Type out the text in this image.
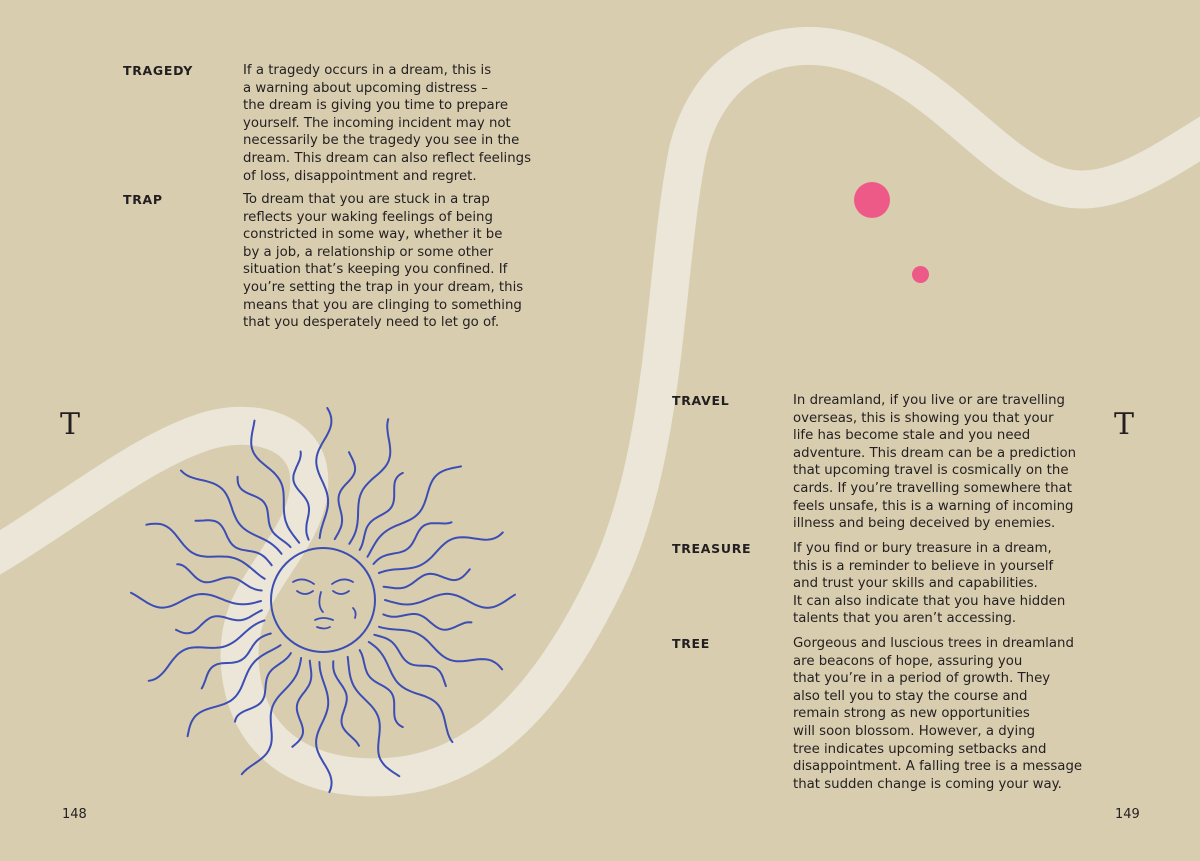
T	T
TRAGEDY	If a tragedy occurs in a dream, this is
a warning about upcoming distress –
the dream is giving you time to prepare
yourself. The incoming incident may not
necessarily be the tragedy you see in the
dream. This dream can also reflect feelings
of loss, disappointment and regret.

TRAP	To dream that you are stuck in a trap
reflects your waking feelings of being
constricted in some way, whether it be
by a job, a relationship or some other
situation that’s keeping you confined. If
you’re setting the trap in your dream, this
means that you are clinging to something
that you desperately need to let go of.

TRAVEL	In dreamland, if you live or are travelling
overseas, this is showing you that your
life has become stale and you need
adventure. This dream can be a prediction
that upcoming travel is cosmically on the
cards. If you’re travelling somewhere that
feels unsafe, this is a warning of incoming
illness and being deceived by enemies.

TREASURE	If you find or bury treasure in a dream,
this is a reminder to believe in yourself
and trust your skills and capabilities.
It can also indicate that you have hidden
talents that you aren’t accessing.

TREE	Gorgeous and luscious trees in dreamland
are beacons of hope, assuring you
that you’re in a period of growth. They
also tell you to stay the course and
remain strong as new opportunities
will soon blossom. However, a dying
tree indicates upcoming setbacks and
disappointment. A falling tree is a message
that sudden change is coming your way.

148	149
